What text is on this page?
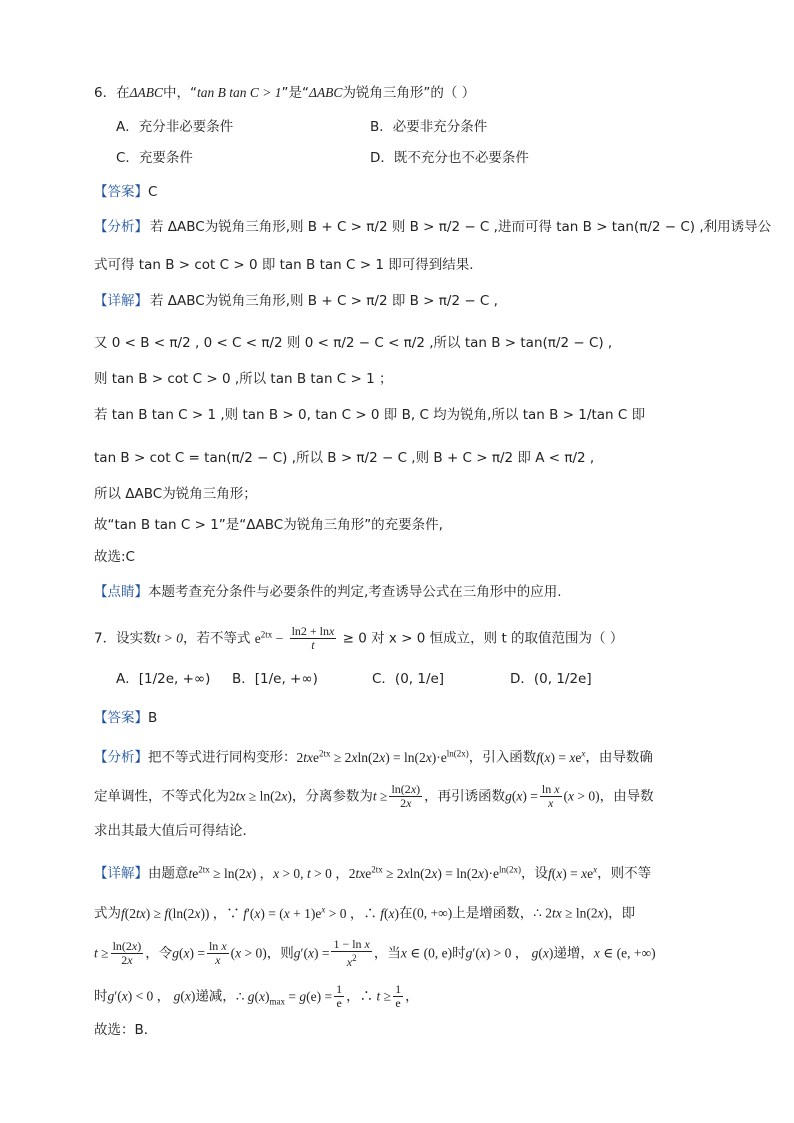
6．在ΔABC中，“tan B tan C > 1”是“ΔABC为锐角三角形”的（ ）
A．充分非必要条件	B．必要非充分条件
C．充要条件	D．既不充分也不必要条件
【答案】C
【分析】 若 ΔABC为锐角三角形,则 B + C > π/2 则 B > π/2 − C ,进而可得 tan B > tan(π/2 − C) ,利用诱导公
式可得 tan B > cot C > 0 即 tan B tan C > 1 即可得到结果.
【详解】 若 ΔABC为锐角三角形,则 B + C > π/2 即 B > π/2 − C ,
又 0 < B < π/2 , 0 < C < π/2 则 0 < π/2 − C < π/2 ,所以 tan B > tan(π/2 − C) ,
则 tan B > cot C > 0 ,所以 tan B tan C > 1 ；
若 tan B tan C > 1 ,则 tan B > 0, tan C > 0 即 B, C 均为锐角,所以 tan B > 1/tan C 即
tan B > cot C = tan(π/2 − C) ,所以 B > π/2 − C ,则 B + C > π/2 即 A < π/2 ,
所以 ΔABC为锐角三角形；
故“tan B tan C > 1”是“ΔABC为锐角三角形”的充要条件,
故选:C
【点睛】本题考查充分条件与必要条件的判定,考查诱导公式在三角形中的应用.
7．设实数t > 0，若不等式 $e^{2tx} - \frac{\ln 2 + \ln x}{t} \ge 0$ 对 x > 0 恒成立，则 t 的取值范围为（ ）
A．[1/2e, +∞) B．[1/e, +∞)	C．(0, 1/e]	D．(0, 1/2e]
【答案】B
【分析】把不等式进行同构变形：$2txe^{2tx} \ge 2xln(2x) = \ln(2x)\cdot e^{ln(2x)}$，引入函数$f(x) = xe^x$，由导数确
定单调性，不等式化为2tx ≥ ln(2x)，分离参数为$t \ge \frac{\ln(2x)}{2x}$ ，再引诱函数$g(x) = \frac{\text{ln x}}{x} (x > 0)$，由导数
求出其最大值后可得结论．
【详解】由题意$te^{2tx} \ge \ln(2x)$ ，x > 0, t > 0 ，$2txe^{2tx} \ge 2xln(2x) = \ln(2x)\cdot e^{ln(2x)}$，设$f(x) = xe^x$，则不等
式为f(2tx) ≥ f(ln(2x)) ，∵ $f'(x) = (x + 1)e^x > 0$ ，∴ f(x)在(0, +∞)上是增函数，∴ 2tx ≥ ln(2x)，即
$t \ge \frac{\ln(2x)}{2x}$ ，令$g(x) = \frac{\text{ln x}}{x} (x > 0)$，则$g'(x) = \frac{\text{1 − ln x}}{x^2}$ ，当x ∈ (0, e)时g′(x) > 0 ， g(x)递增，x ∈ (e, +∞)
时g′(x) < 0 ， g(x)递减，∴ $g(x)_{max} = g(e) = \frac{1}{e}$ ，∴ $t \ge \frac{1}{e}$ ，
故选：B．
